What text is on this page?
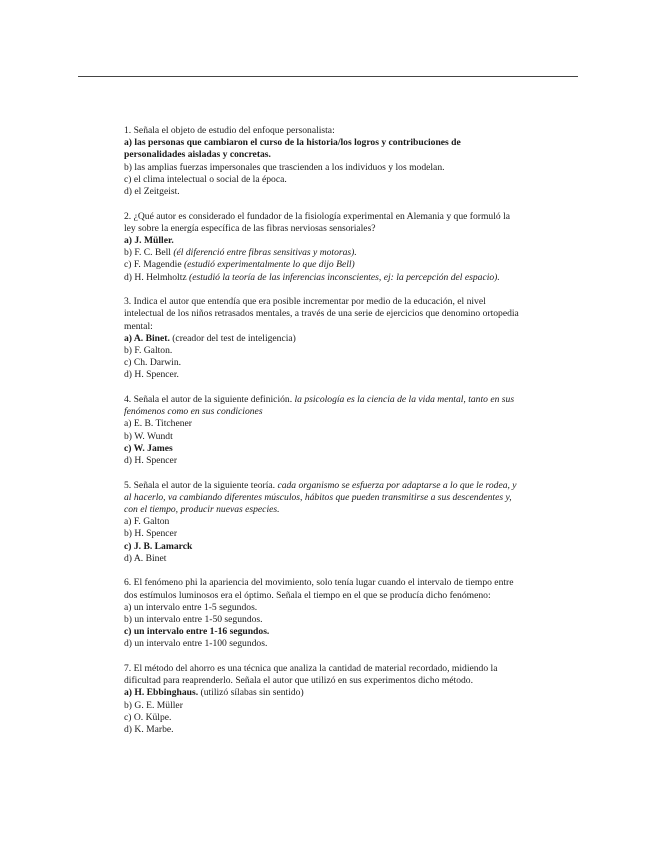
1. Señala el objeto de estudio del enfoque personalista:

a) las personas que cambiaron el curso de la historia/los logros y contribuciones de personalidades aisladas y concretas.

b) las amplias fuerzas impersonales que trascienden a los individuos y los modelan.

c) el clima intelectual o social de la época.

d) el Zeitgeist.

2. ¿Qué autor es considerado el fundador de la fisiología experimental en Alemania y que formuló la ley sobre la energía específica de las fibras nerviosas sensoriales?

a) J. Müller.

b) F. C. Bell (él diferenció entre fibras sensitivas y motoras).

c) F. Magendie (estudió experimentalmente lo que dijo Bell)

d) H. Helmholtz (estudió la teoría de las inferencias inconscientes, ej: la percepción del espacio).

3. Indica el autor que entendía que era posible incrementar por medio de la educación, el nivel intelectual de los niños retrasados mentales, a través de una serie de ejercicios que denomino ortopedia mental:

a) A. Binet. (creador del test de inteligencia)

b) F. Galton.

c) Ch. Darwin.

d) H. Spencer.

4. Señala el autor de la siguiente definición. la psicología es la ciencia de la vida mental, tanto en sus fenómenos como en sus condiciones

a) E. B. Titchener

b) W. Wundt

c) W. James

d) H. Spencer

5. Señala el autor de la siguiente teoría. cada organismo se esfuerza por adaptarse a lo que le rodea, y al hacerlo, va cambiando diferentes músculos, hábitos que pueden transmitirse a sus descendentes y, con el tiempo, producir nuevas especies.

a) F. Galton

b) H. Spencer

c) J. B. Lamarck

d) A. Binet

6. El fenómeno phi la apariencia del movimiento, solo tenía lugar cuando el intervalo de tiempo entre dos estímulos luminosos era el óptimo. Señala el tiempo en el que se producía dicho fenómeno:

a) un intervalo entre 1-5 segundos.

b) un intervalo entre 1-50 segundos.

c) un intervalo entre 1-16 segundos.

d) un intervalo entre 1-100 segundos.

7. El método del ahorro es una técnica que analiza la cantidad de material recordado, midiendo la dificultad para reaprenderlo. Señala el autor que utilizó en sus experimentos dicho método.

a) H. Ebbinghaus. (utilizó sílabas sin sentido)

b) G. E. Müller

c) O. Külpe.

d) K. Marbe.
